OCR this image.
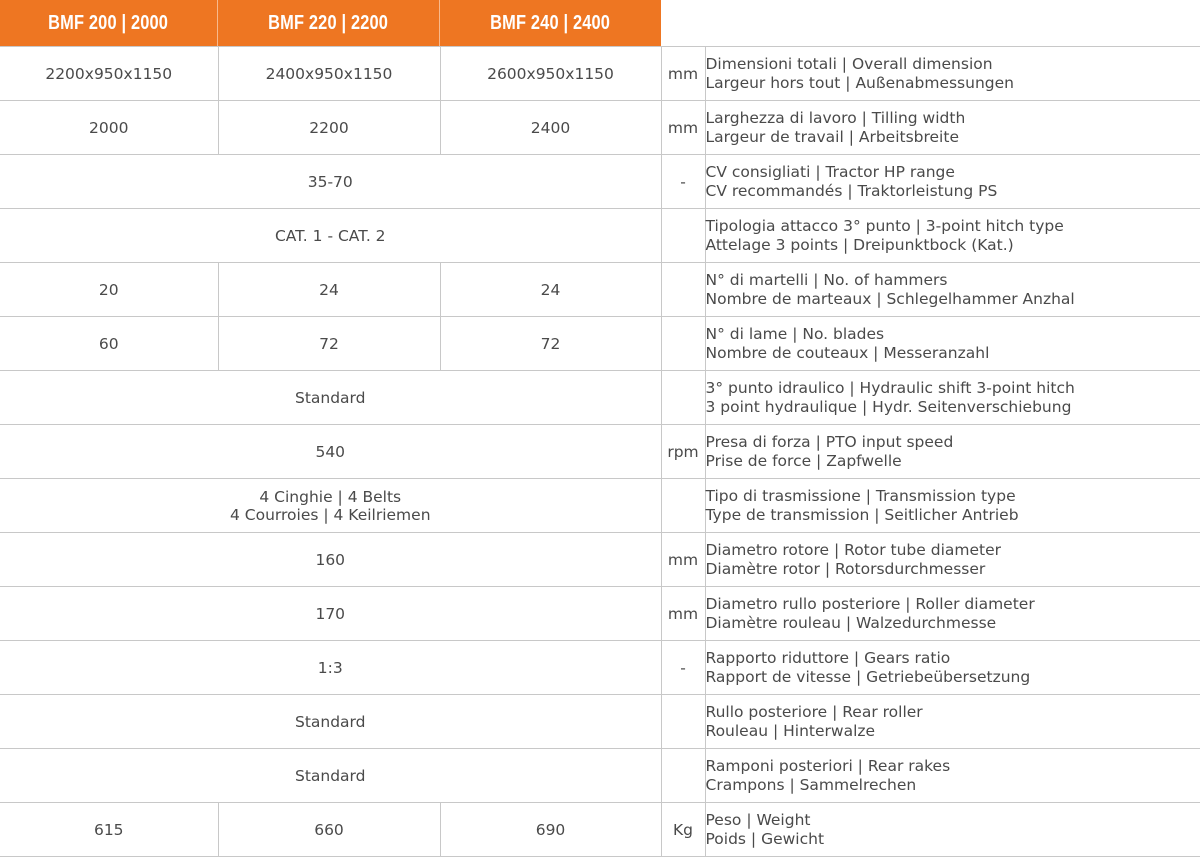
BMF 200 | 2000	BMF 220 | 2200	BMF 240 | 2400
2200x950x1150	2400x950x1150	2600x950x1150	mm	Dimensioni totali | Overall dimension
Largeur hors tout | Außenabmessungen

2000	2200	2400	mm	Larghezza di lavoro | Tilling width
Largeur de travail | Arbeitsbreite

35-70			-	CV consigliati | Tractor HP range
CV recommandés | Traktorleistung PS

CAT. 1 - CAT. 2				Tipologia attacco 3° punto | 3-point hitch type
Attelage 3 points | Dreipunktbock (Kat.)

20	24	24		N° di martelli | No. of hammers
Nombre de marteaux | Schlegelhammer Anzhal

60	72	72		N° di lame | No. blades
Nombre de couteaux | Messeranzahl

Standard				3° punto idraulico | Hydraulic shift 3-point hitch
3 point hydraulique | Hydr. Seitenverschiebung

540			rpm	Presa di forza | PTO input speed
Prise de force | Zapfwelle

4 Cinghie | 4 Belts
4 Courroies | 4 Keilriemen				Tipo di trasmissione | Transmission type
Type de transmission | Seitlicher Antrieb

160			mm	Diametro rotore | Rotor tube diameter
Diamètre rotor | Rotorsdurchmesser

170			mm	Diametro rullo posteriore | Roller diameter
Diamètre rouleau | Walzedurchmesse

1:3			-	Rapporto riduttore | Gears ratio
Rapport de vitesse | Getriebeübersetzung

Standard				Rullo posteriore | Rear roller
Rouleau | Hinterwalze

Standard				Ramponi posteriori | Rear rakes
Crampons | Sammelrechen

615	660	690	Kg	Peso | Weight
Poids | Gewicht
